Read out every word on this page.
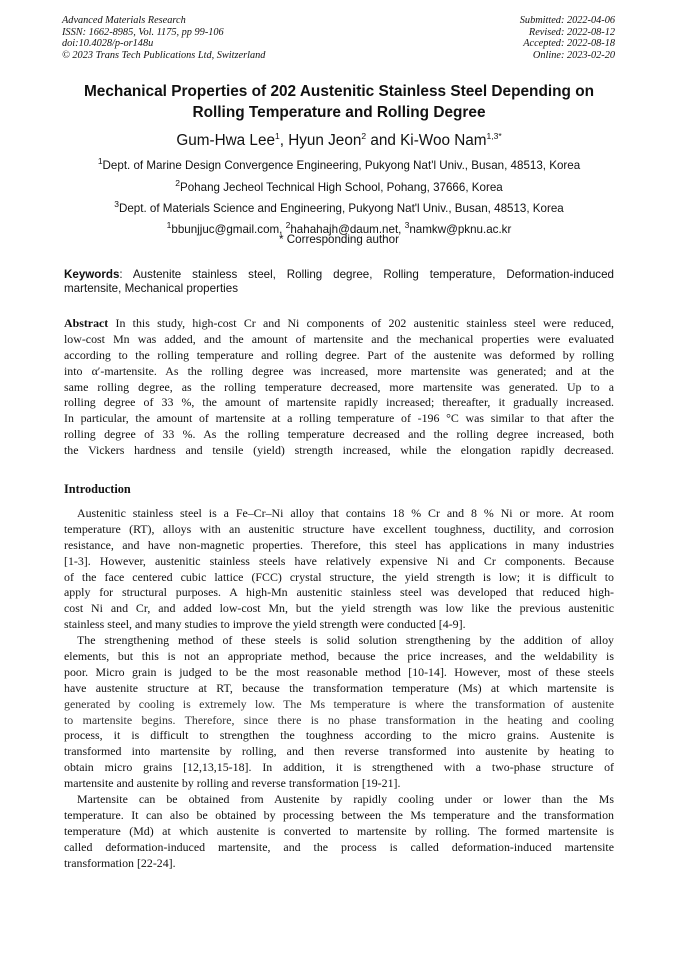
Advanced Materials Research
ISSN: 1662-8985, Vol. 1175, pp 99-106
doi:10.4028/p-or148u
© 2023 Trans Tech Publications Ltd, Switzerland
Submitted: 2022-04-06
Revised: 2022-08-12
Accepted: 2022-08-18
Online: 2023-02-20
Mechanical Properties of 202 Austenitic Stainless Steel Depending on
Rolling Temperature and Rolling Degree
Gum-Hwa Lee$^1$, Hyun Jeon$^2$ and Ki-Woo Nam$^{1,3*}$
$^1$Dept. of Marine Design Convergence Engineering, Pukyong Nat'l Univ., Busan, 48513, Korea
$^2$Pohang Jecheol Technical High School, Pohang, 37666, Korea
$^3$Dept. of Materials Science and Engineering, Pukyong Nat'l Univ., Busan, 48513, Korea
$^1$bbunjjuc@gmail.com, $^2$hahahajh@daum.net, $^3$namkw@pknu.ac.kr
* Corresponding author
Keywords: Austenite stainless steel, Rolling degree, Rolling temperature, Deformation-induced
martensite, Mechanical properties
Abstract In this study, high-cost Cr and Ni components of 202 austenitic stainless steel were reduced,
low-cost Mn was added, and the amount of martensite and the mechanical properties were evaluated
according to the rolling temperature and rolling degree. Part of the austenite was deformed by rolling
into α′-martensite. As the rolling degree was increased, more martensite was generated; and at the
same rolling degree, as the rolling temperature decreased, more martensite was generated. Up to a
rolling degree of 33 %, the amount of martensite rapidly increased; thereafter, it gradually increased.
In particular, the amount of martensite at a rolling temperature of -196 °C was similar to that after the
rolling degree of 33 %. As the rolling temperature decreased and the rolling degree increased, both
the Vickers hardness and tensile (yield) strength increased, while the elongation rapidly decreased.
Introduction
Austenitic stainless steel is a Fe–Cr–Ni alloy that contains 18 % Cr and 8 % Ni or more. At room
temperature (RT), alloys with an austenitic structure have excellent toughness, ductility, and corrosion
resistance, and have non-magnetic properties. Therefore, this steel has applications in many industries
[1-3]. However, austenitic stainless steels have relatively expensive Ni and Cr components. Because
of the face centered cubic lattice (FCC) crystal structure, the yield strength is low; it is difficult to
apply for structural purposes. A high-Mn austenitic stainless steel was developed that reduced high-
cost Ni and Cr, and added low-cost Mn, but the yield strength was low like the previous austenitic
stainless steel, and many studies to improve the yield strength were conducted [4-9].
The strengthening method of these steels is solid solution strengthening by the addition of alloy
elements, but this is not an appropriate method, because the price increases, and the weldability is
poor. Micro grain is judged to be the most reasonable method [10-14]. However, most of these steels
have austenite structure at RT, because the transformation temperature (Ms) at which martensite is
generated by cooling is extremely low. The Ms temperature is where the transformation of austenite
to martensite begins. Therefore, since there is no phase transformation in the heating and cooling
process, it is difficult to strengthen the toughness according to the micro grains. Austenite is
transformed into martensite by rolling, and then reverse transformed into austenite by heating to
obtain micro grains [12,13,15-18]. In addition, it is strengthened with a two-phase structure of
martensite and austenite by rolling and reverse transformation [19-21].
Martensite can be obtained from Austenite by rapidly cooling under or lower than the Ms
temperature. It can also be obtained by processing between the Ms temperature and the transformation
temperature (Md) at which austenite is converted to martensite by rolling. The formed martensite is
called deformation-induced martensite, and the process is called deformation-induced martensite
transformation [22-24].
